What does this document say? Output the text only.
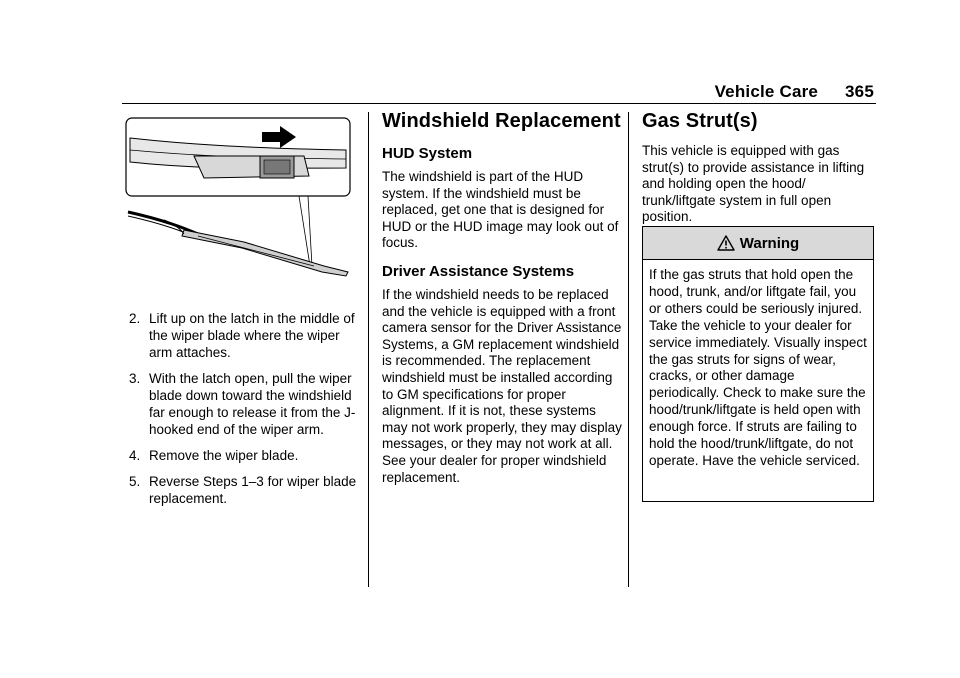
Vehicle Care 365
2. Lift up on the latch in the middle of the wiper blade where the wiper arm attaches.
3. With the latch open, pull the wiper blade down toward the windshield far enough to release it from the J-hooked end of the wiper arm.
4. Remove the wiper blade.
5. Reverse Steps 1–3 for wiper blade replacement.
Windshield Replacement
HUD System

The windshield is part of the HUD system. If the windshield must be replaced, get one that is designed for HUD or the HUD image may look out of focus.

Driver Assistance Systems

If the windshield needs to be replaced and the vehicle is equipped with a front camera sensor for the Driver Assistance Systems, a GM replacement windshield is recommended. The replacement windshield must be installed according to GM specifications for proper alignment. If it is not, these systems may not work properly, they may display messages, or they may not work at all. See your dealer for proper windshield replacement.

Gas Strut(s)

This vehicle is equipped with gas strut(s) to provide assistance in lifting and holding open the hood/ trunk/liftgate system in full open position.

Warning
If the gas struts that hold open the hood, trunk, and/or liftgate fail, you or others could be seriously injured. Take the vehicle to your dealer for service immediately. Visually inspect the gas struts for signs of wear, cracks, or other damage periodically. Check to make sure the hood/trunk/liftgate is held open with enough force. If struts are failing to hold the hood/trunk/liftgate, do not operate. Have the vehicle serviced.
